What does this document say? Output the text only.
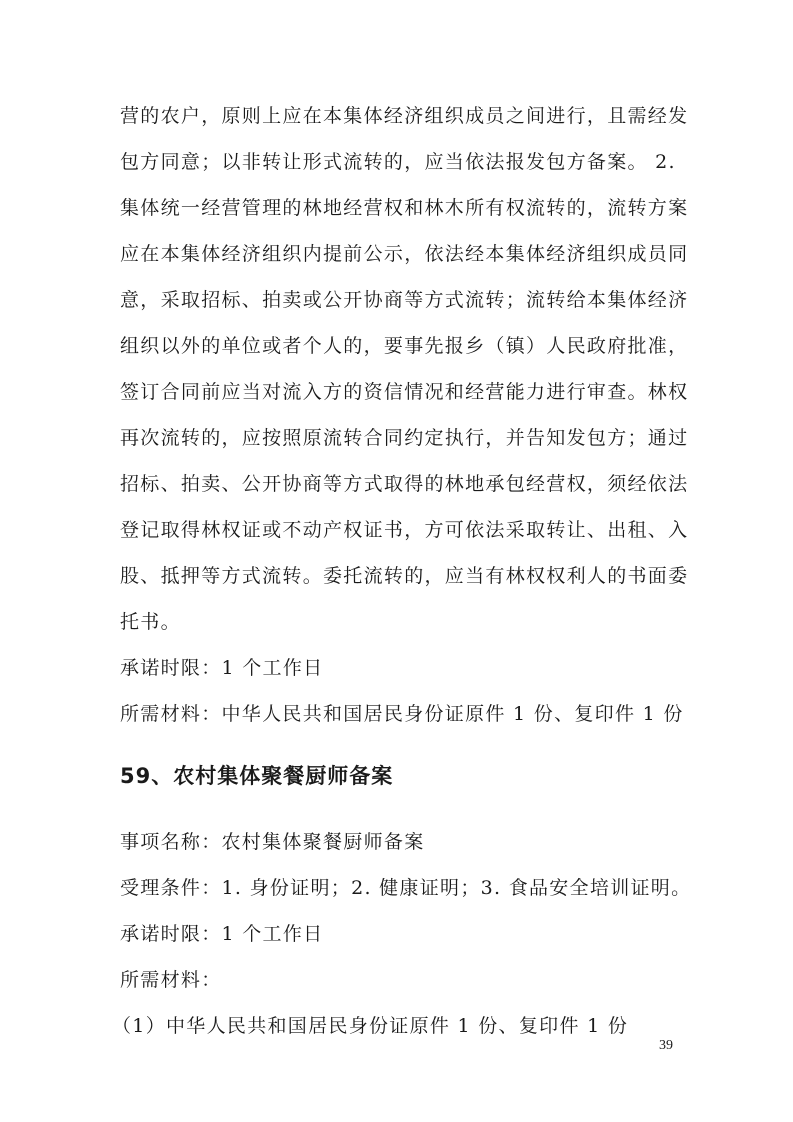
营的农户，原则上应在本集体经济组织成员之间进行，且需经发
包方同意；以非转让形式流转的，应当依法报发包方备案。 2.
集体统一经营管理的林地经营权和林木所有权流转的，流转方案
应在本集体经济组织内提前公示，依法经本集体经济组织成员同
意，采取招标、拍卖或公开协商等方式流转；流转给本集体经济
组织以外的单位或者个人的，要事先报乡（镇）人民政府批准，
签订合同前应当对流入方的资信情况和经营能力进行审查。林权
再次流转的，应按照原流转合同约定执行，并告知发包方；通过
招标、拍卖、公开协商等方式取得的林地承包经营权，须经依法
登记取得林权证或不动产权证书，方可依法采取转让、出租、入
股、抵押等方式流转。委托流转的，应当有林权权利人的书面委
托书。
承诺时限：1 个工作日
所需材料：中华人民共和国居民身份证原件 1 份、复印件 1 份
59、农村集体聚餐厨师备案
事项名称：农村集体聚餐厨师备案
受理条件：1. 身份证明；2. 健康证明；3. 食品安全培训证明。
承诺时限：1 个工作日
所需材料：
（1）中华人民共和国居民身份证原件 1 份、复印件 1 份
39
